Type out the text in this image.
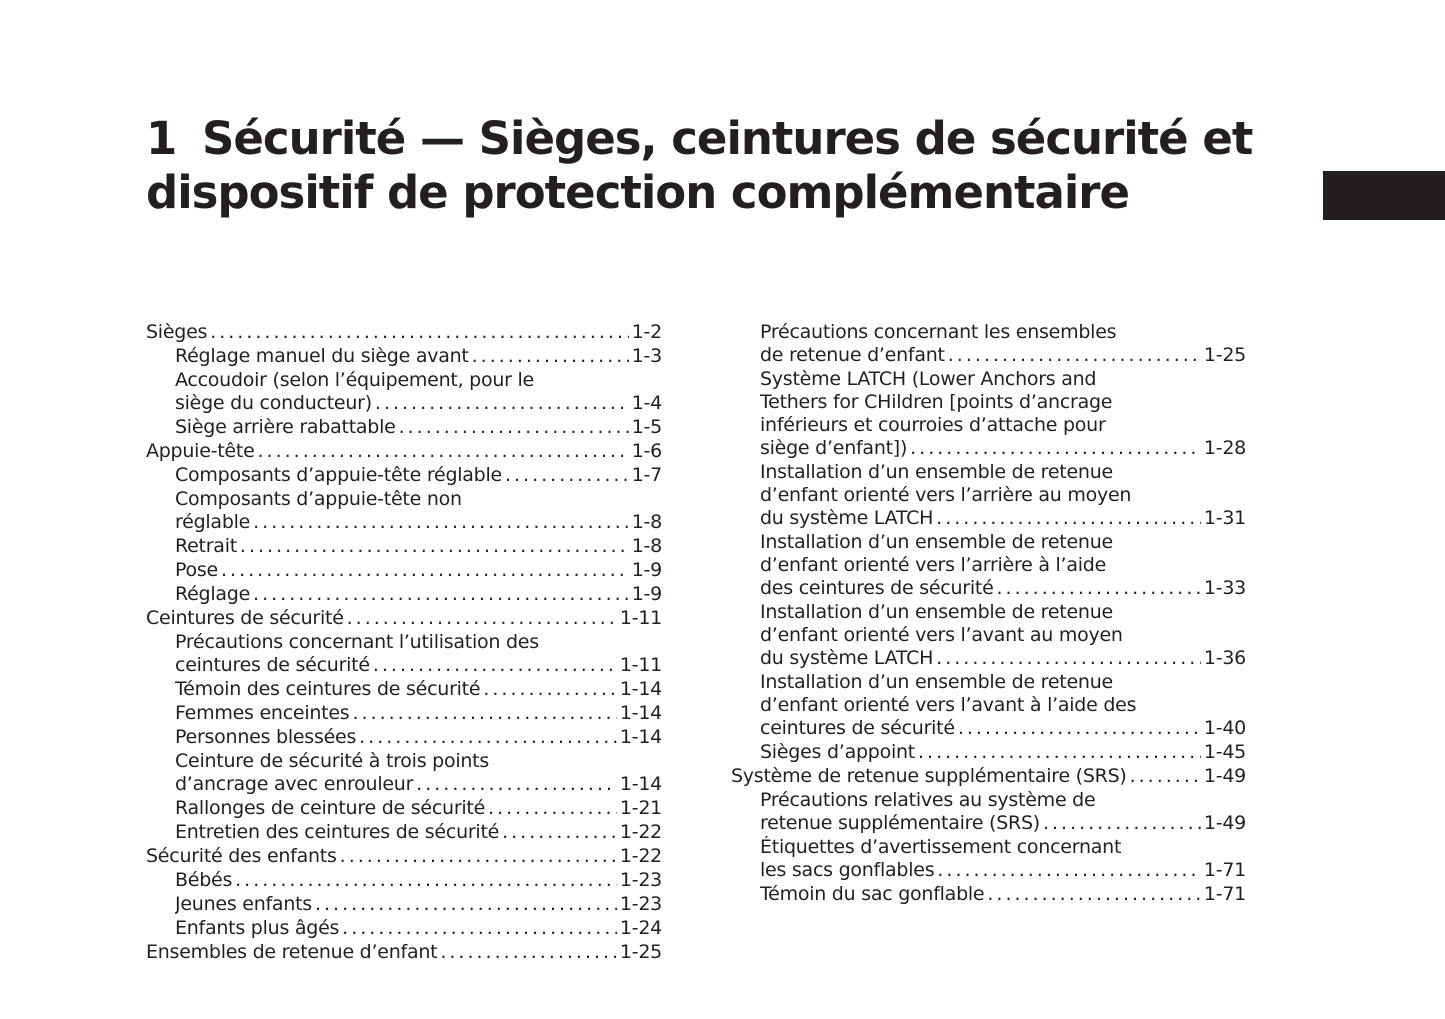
1 Sécurité — Sièges, ceintures de sécurité et
dispositif de protection complémentaire
Sièges .....	1-2
Réglage manuel du siège avant .....	1-3
Accoudoir (selon l’équipement, pour le
siège du conducteur) .....	1-4
Siège arrière rabattable .....	1-5
Appuie-tête .....	1-6
Composants d’appuie-tête réglable .....	1-7
Composants d’appuie-tête non
réglable .....	1-8
Retrait .....	1-8
Pose .....	1-9
Réglage .....	1-9
Ceintures de sécurité .....	1-11
Précautions concernant l’utilisation des
ceintures de sécurité .....	1-11
Témoin des ceintures de sécurité .....	1-14
Femmes enceintes .....	1-14
Personnes blessées .....	1-14
Ceinture de sécurité à trois points
d’ancrage avec enrouleur .....	1-14
Rallonges de ceinture de sécurité .....	1-21
Entretien des ceintures de sécurité .....	1-22
Sécurité des enfants .....	1-22
Bébés .....	1-23
Jeunes enfants .....	1-23
Enfants plus âgés .....	1-24
Ensembles de retenue d’enfant .....	1-25
Précautions concernant les ensembles
de retenue d’enfant .....	1-25
Système LATCH (Lower Anchors and
Tethers for CHildren [points d’ancrage
inférieurs et courroies d’attache pour
siège d’enfant]) .....	1-28
Installation d’un ensemble de retenue
d’enfant orienté vers l’arrière au moyen
du système LATCH .....	1-31
Installation d’un ensemble de retenue
d’enfant orienté vers l’arrière à l’aide
des ceintures de sécurité .....	1-33
Installation d’un ensemble de retenue
d’enfant orienté vers l’avant au moyen
du système LATCH .....	1-36
Installation d’un ensemble de retenue
d’enfant orienté vers l’avant à l’aide des
ceintures de sécurité .....	1-40
Sièges d’appoint .....	1-45
Système de retenue supplémentaire (SRS) .....	1-49
Précautions relatives au système de
retenue supplémentaire (SRS) .....	1-49
Étiquettes d’avertissement concernant
les sacs gonflables .....	1-71
Témoin du sac gonflable .....	1-71
